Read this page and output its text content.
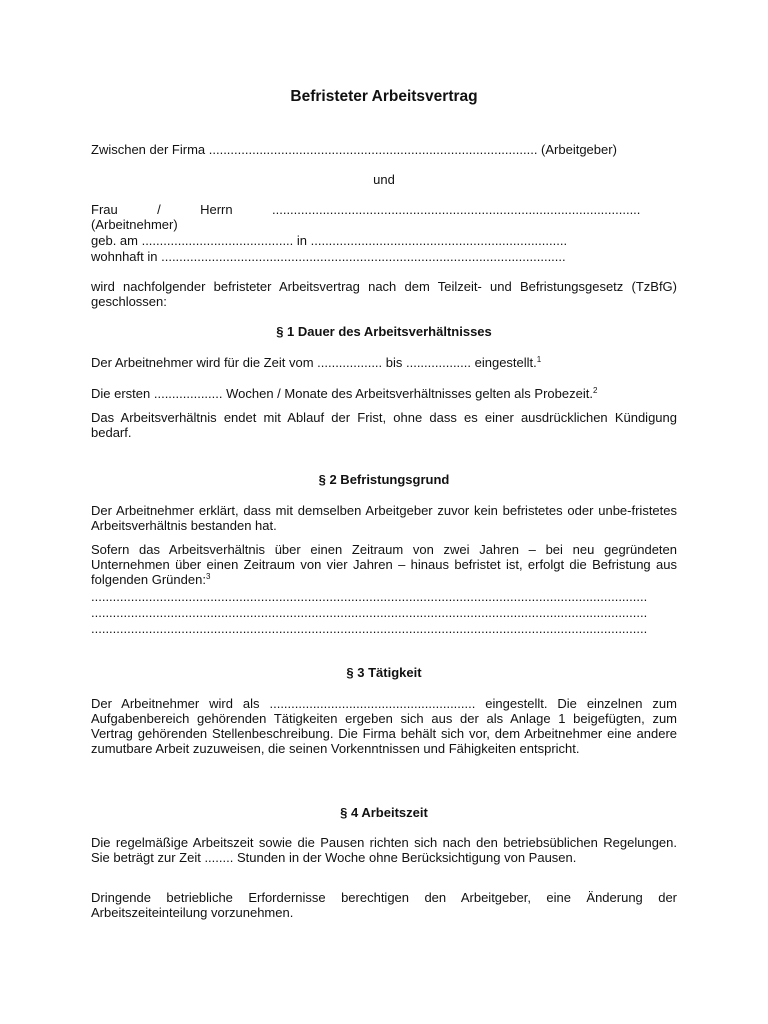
Befristeter Arbeitsvertrag

Zwischen der Firma ........................................................................................... (Arbeitgeber)

und

Frau	/	Herrn	......................................................................................................

(Arbeitnehmer)

geb. am .......................................... in .......................................................................

wohnhaft in ................................................................................................................

wird nachfolgender befristeter Arbeitsvertrag nach dem Teilzeit- und Befristungsgesetz (TzBfG) geschlossen:

§ 1 Dauer des Arbeitsverhältnisses

Der Arbeitnehmer wird für die Zeit vom .................. bis .................. eingestellt.$^1$

Die ersten ................... Wochen / Monate des Arbeitsverhältnisses gelten als Probezeit.$^2$

Das Arbeitsverhältnis endet mit Ablauf der Frist, ohne dass es einer ausdrücklichen Kündigung bedarf.

§ 2 Befristungsgrund

Der Arbeitnehmer erklärt, dass mit demselben Arbeitgeber zuvor kein befristetes oder unbe-fristetes Arbeitsverhältnis bestanden hat.

Sofern das Arbeitsverhältnis über einen Zeitraum von zwei Jahren – bei neu gegründeten Unternehmen über einen Zeitraum von vier Jahren – hinaus befristet ist, erfolgt die Befristung aus folgenden Gründen:$^3$

..........................................................................................................................................................

..........................................................................................................................................................

..........................................................................................................................................................

§ 3 Tätigkeit

Der Arbeitnehmer wird als ......................................................... eingestellt. Die einzelnen zum Aufgabenbereich gehörenden Tätigkeiten ergeben sich aus der als Anlage 1 beigefügten, zum Vertrag gehörenden Stellenbeschreibung. Die Firma behält sich vor, dem Arbeitnehmer eine andere zumutbare Arbeit zuzuweisen, die seinen Vorkenntnissen und Fähigkeiten entspricht.

§ 4 Arbeitszeit

Die regelmäßige Arbeitszeit sowie die Pausen richten sich nach den betriebsüblichen Regelungen. Sie beträgt zur Zeit ........ Stunden in der Woche ohne Berücksichtigung von Pausen.

Dringende betriebliche Erfordernisse berechtigen den Arbeitgeber, eine Änderung der Arbeitszeiteinteilung vorzunehmen.
